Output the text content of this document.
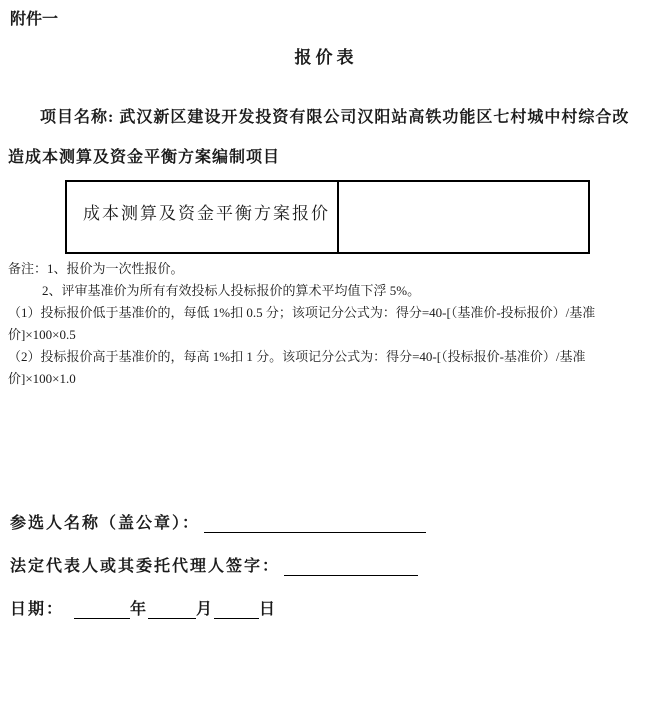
附件一
报价表

项目名称: 武汉新区建设开发投资有限公司汉阳站高铁功能区七村城中村综合改造成本测算及资金平衡方案编制项目

成本测算及资金平衡方案报价	
备注：1、报价为一次性报价。
2、评审基准价为所有有效投标人投标报价的算术平均值下浮 5%。
（1）投标报价低于基准价的，每低 1%扣 0.5 分；该项记分公式为：得分=40-[（基准价-投标报价）/基准价]×100×0.5
（2）投标报价高于基准价的，每高 1%扣 1 分。该项记分公式为：得分=40-[（投标报价-基准价）/基准价]×100×1.0
参选人名称（盖公章）：
法定代表人或其委托代理人签字：
日期：	年	月	日
